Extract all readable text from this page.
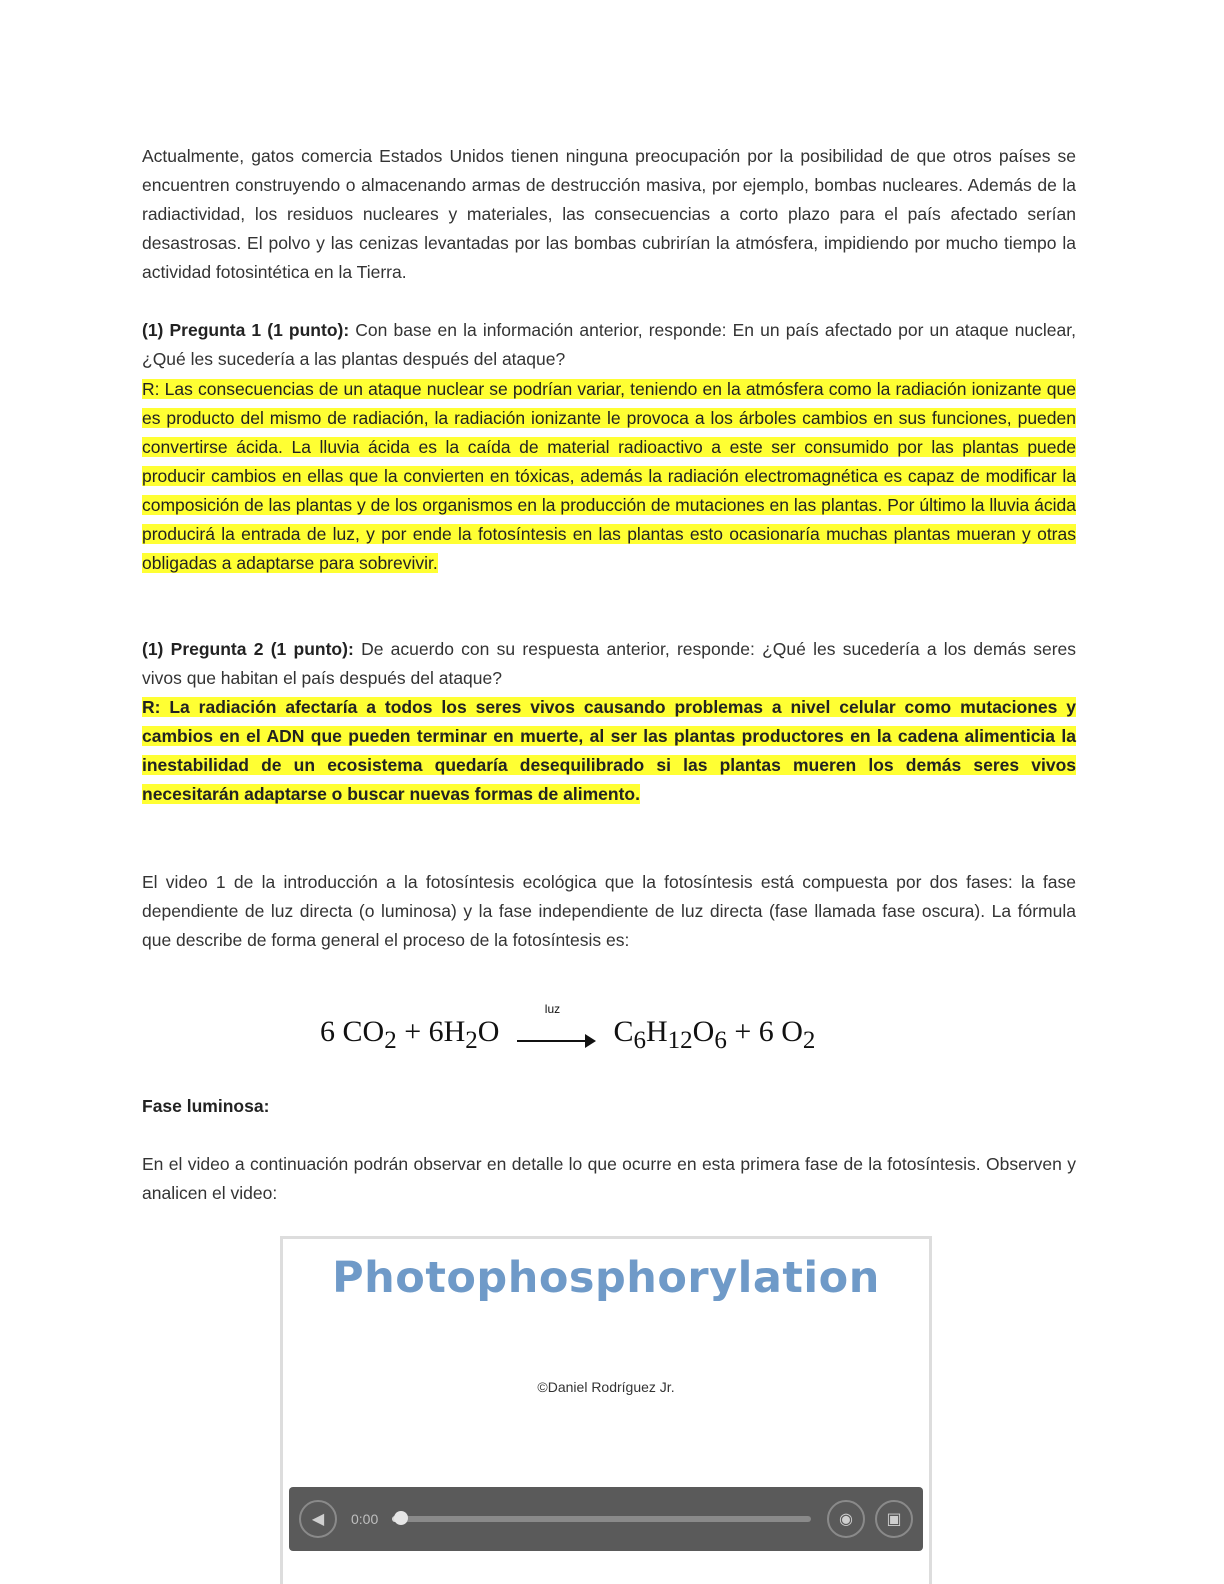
Actualmente, gatos comercia Estados Unidos tienen ninguna preocupación por la posibilidad de que otros países se encuentren construyendo o almacenando armas de destrucción masiva, por ejemplo, bombas nucleares. Además de la radiactividad, los residuos nucleares y materiales, las consecuencias a corto plazo para el país afectado serían desastrosas. El polvo y las cenizas levantadas por las bombas cubrirían la atmósfera, impidiendo por mucho tiempo la actividad fotosintética en la Tierra.
(1) Pregunta 1 (1 punto): Con base en la información anterior, responde: En un país afectado por un ataque nuclear, ¿Qué les sucedería a las plantas después del ataque?
R: Las consecuencias de un ataque nuclear se podrían variar, teniendo en la atmósfera como la radiación ionizante que es producto del mismo de radiación, la radiación ionizante le provoca a los árboles cambios en sus funciones, pueden convertirse ácida. La lluvia ácida es la caída de material radioactivo a este ser consumido por las plantas puede producir cambios en ellas que la convierten en tóxicas, además la radiación electromagnética es capaz de modificar la composición de las plantas y de los organismos en la producción de mutaciones en las plantas. Por último la lluvia ácida producirá la entrada de luz, y por ende la fotosíntesis en las plantas esto ocasionaría muchas plantas mueran y otras obligadas a adaptarse para sobrevivir.
(1) Pregunta 2 (1 punto): De acuerdo con su respuesta anterior, responde: ¿Qué les sucedería a los demás seres vivos que habitan el país después del ataque?
R: La radiación afectaría a todos los seres vivos causando problemas a nivel celular como mutaciones y cambios en el ADN que pueden terminar en muerte, al ser las plantas productores en la cadena alimenticia la inestabilidad de un ecosistema quedaría desequilibrado si las plantas mueren los demás seres vivos necesitarán adaptarse o buscar nuevas formas de alimento.
El video 1 de la introducción a la fotosíntesis ecológica que la fotosíntesis está compuesta por dos fases: la fase dependiente de luz directa (o luminosa) y la fase independiente de luz directa (fase llamada fase oscura). La fórmula que describe de forma general el proceso de la fotosíntesis es:
6 $CO_2 + 6H_2O$
luz
$C_6H_{12}O_6 + 6$ $O_2$
Fase luminosa:
En el video a continuación podrán observar en detalle lo que ocurre en esta primera fase de la fotosíntesis. Observen y analicen el video:
Photophosphorylation
©Daniel Rodríguez Jr.
◀	0:00	◉	▣
